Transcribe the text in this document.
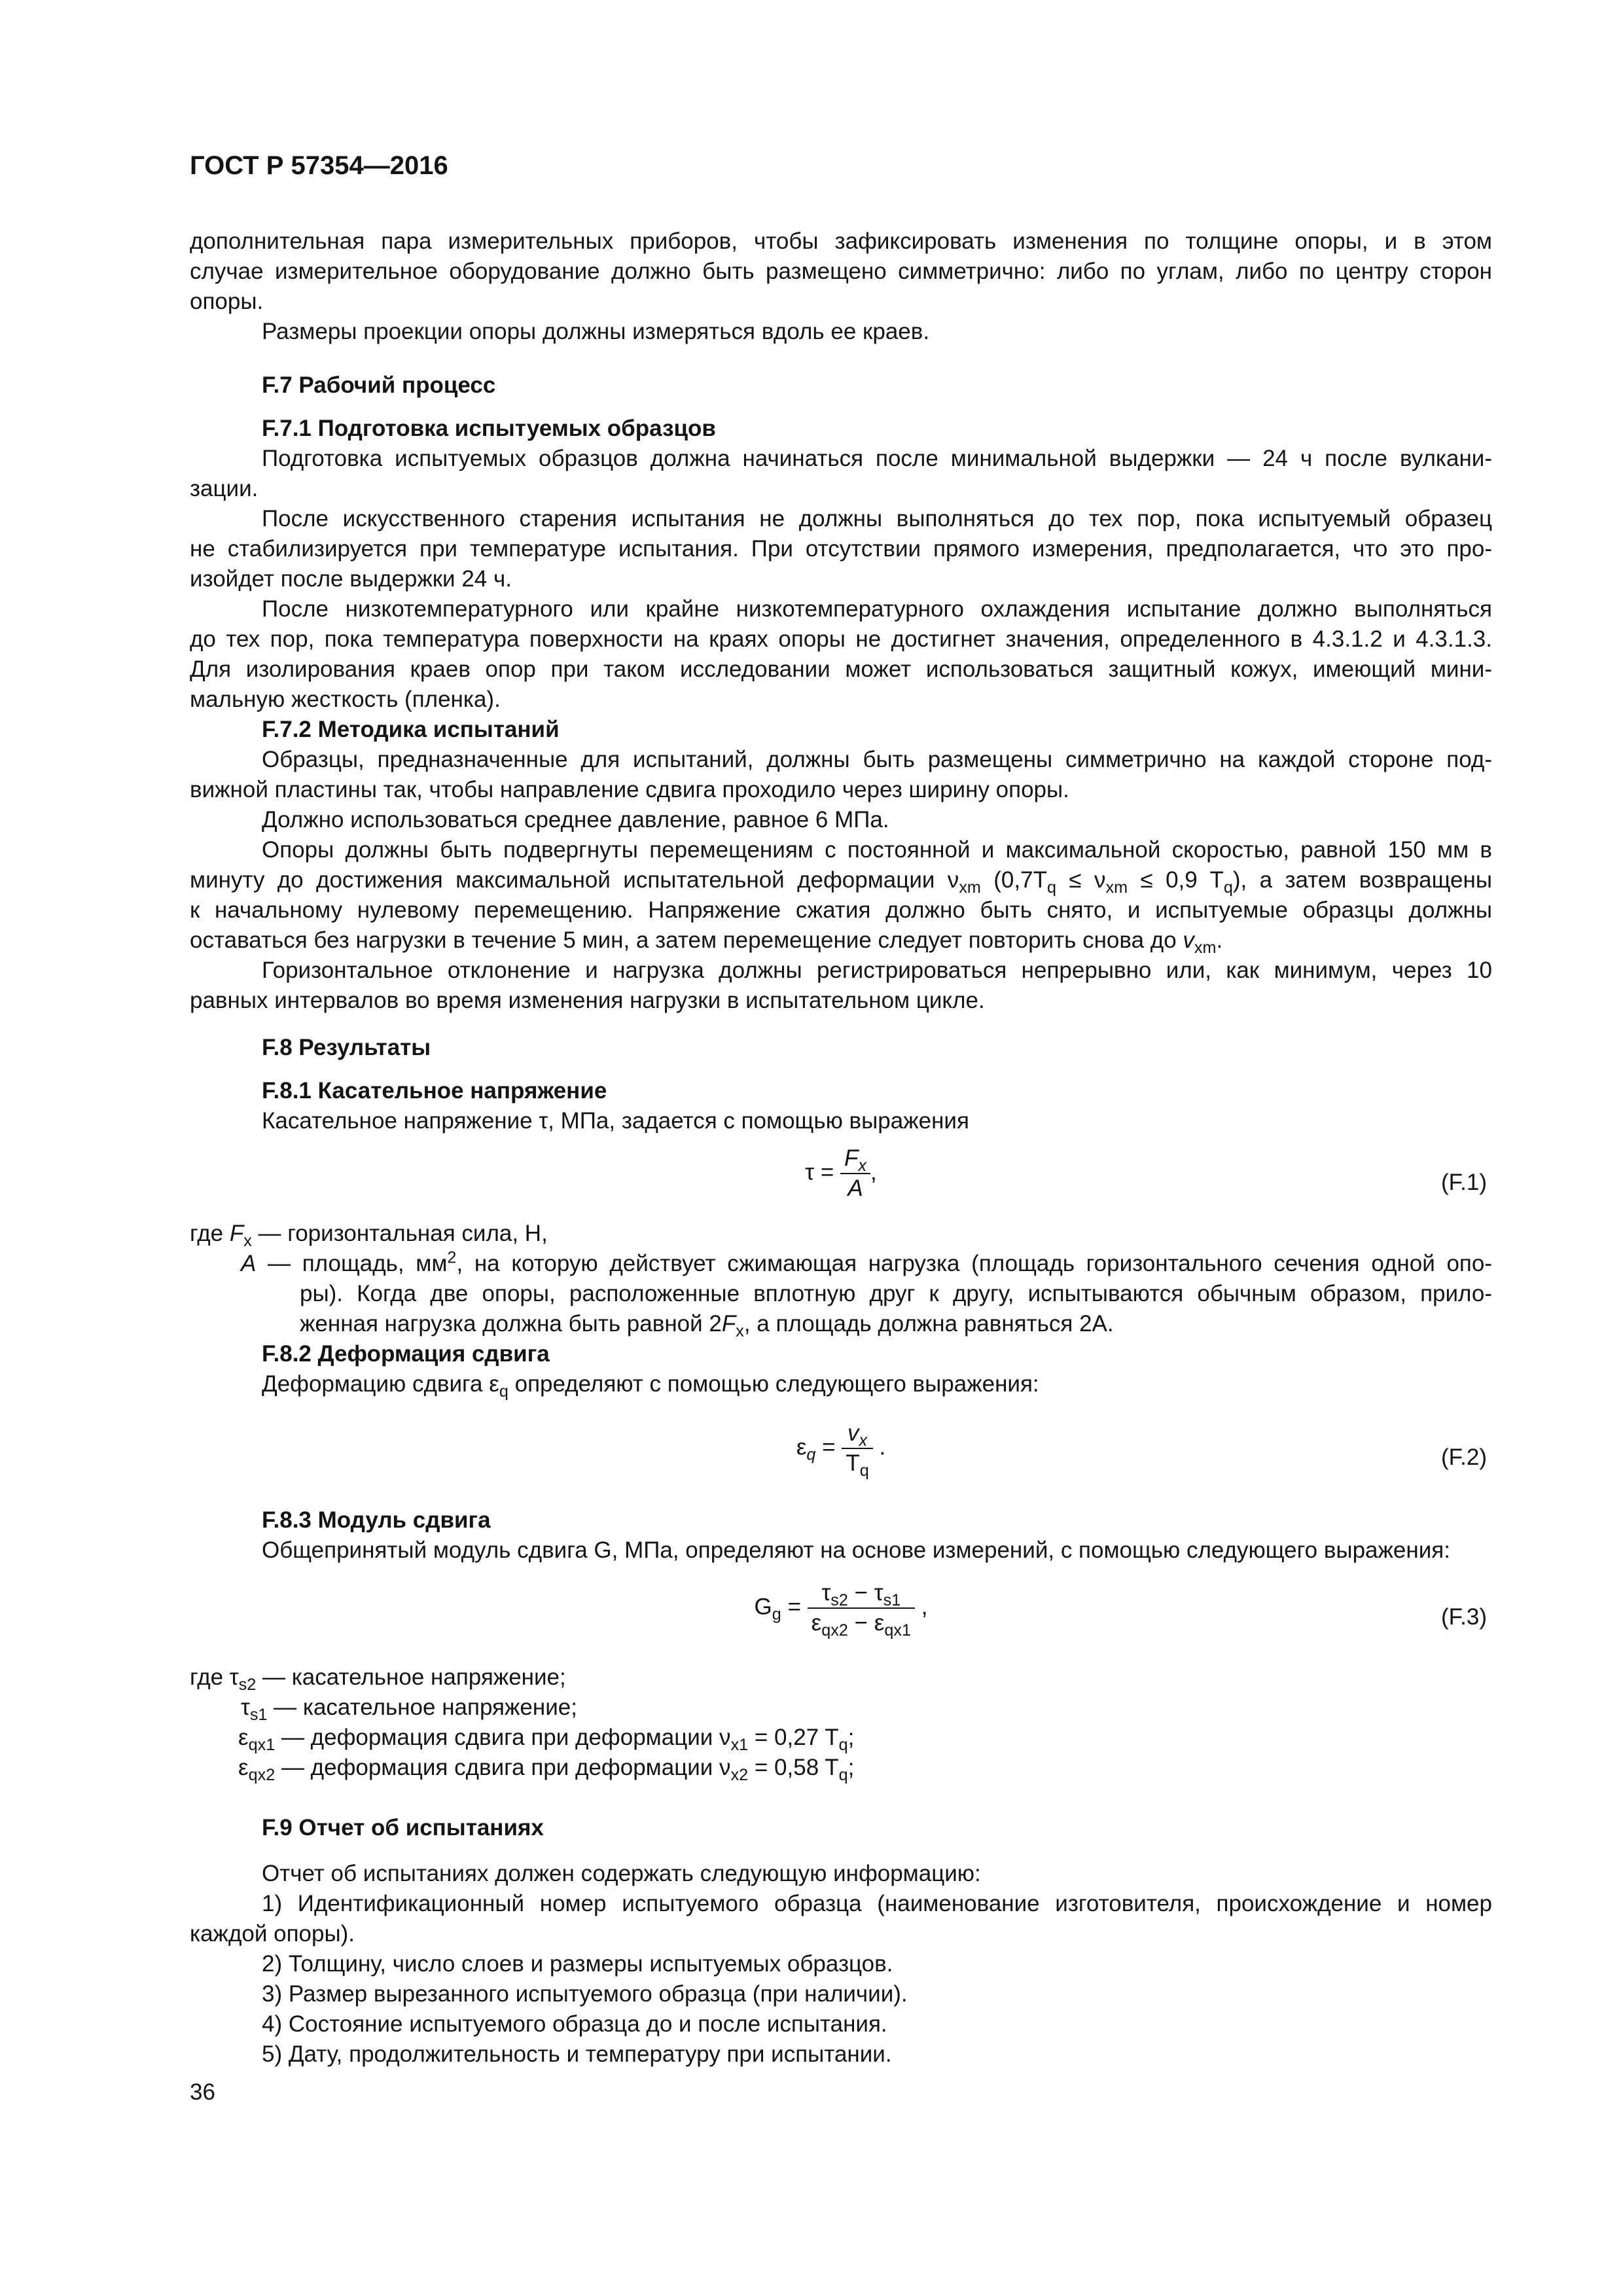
ГОСТ Р 57354—2016
дополнительная пара измерительных приборов, чтобы зафиксировать изменения по толщине опоры, и в этом
случае измерительное оборудование должно быть размещено симметрично: либо по углам, либо по центру сторон
опоры.
Размеры проекции опоры должны измеряться вдоль ее краев.
F.7 Рабочий процесс
F.7.1 Подготовка испытуемых образцов
Подготовка испытуемых образцов должна начинаться после минимальной выдержки — 24 ч после вулкани-
зации.
После искусственного старения испытания не должны выполняться до тех пор, пока испытуемый образец
не стабилизируется при температуре испытания. При отсутствии прямого измерения, предполагается, что это про-
изойдет после выдержки 24 ч.
После низкотемпературного или крайне низкотемпературного охлаждения испытание должно выполняться
до тех пор, пока температура поверхности на краях опоры не достигнет значения, определенного в 4.3.1.2 и 4.3.1.3.
Для изолирования краев опор при таком исследовании может использоваться защитный кожух, имеющий мини-
мальную жесткость (пленка).
F.7.2 Методика испытаний
Образцы, предназначенные для испытаний, должны быть размещены симметрично на каждой стороне под-
вижной пластины так, чтобы направление сдвига проходило через ширину опоры.
Должно использоваться среднее давление, равное 6 МПа.
Опоры должны быть подвергнуты перемещениям с постоянной и максимальной скоростью, равной 150 мм в
минуту до достижения максимальной испытательной деформации $\nu_{xm}$ ($0,7T_q \le \nu_{xm} \le 0,9$ $T_q$), а затем возвращены
к начальному нулевому перемещению. Напряжение сжатия должно быть снято, и испытуемые образцы должны
оставаться без нагрузки в течение 5 мин, а затем перемещение следует повторить снова до $v_{xm}$.
Горизонтальное отклонение и нагрузка должны регистрироваться непрерывно или, как минимум, через 10
равных интервалов во время изменения нагрузки в испытательном цикле.
F.8 Результаты
F.8.1 Касательное напряжение
Касательное напряжение τ, МПа, задается с помощью выражения
$\tau = \frac{F_x}{A}$ ,	(F.1)
где $F_x$ — горизонтальная сила, Н,
A — площадь, $мм^2$, на которую действует сжимающая нагрузка (площадь горизонтального сечения одной опо-
ры). Когда две опоры, расположенные вплотную друг к другу, испытываются обычным образом, прило-
женная нагрузка должна быть равной $2F_x$, а площадь должна равняться 2A.
F.8.2 Деформация сдвига
Деформацию сдвига $\varepsilon_q$ определяют с помощью следующего выражения:
$\varepsilon_q = \frac{v_x}{T_q}$ .	(F.2)
F.8.3 Модуль сдвига
Общепринятый модуль сдвига G, МПа, определяют на основе измерений, с помощью следующего выражения:
$G_g = \frac{\tau_{s2} - \tau_{s1}}{\varepsilon_{qx2} - \varepsilon_{qx1}}$ ,	(F.3)
где $\tau_{s2}$ — касательное напряжение;
$\tau_{s1}$ — касательное напряжение;
$\varepsilon_{qx1}$ — деформация сдвига при деформации $\nu_{x1} = 0,27$ $T_q$;
$\varepsilon_{qx2}$ — деформация сдвига при деформации $\nu_{x2} = 0,58$ $T_q$;
F.9 Отчет об испытаниях
Отчет об испытаниях должен содержать следующую информацию:
1) Идентификационный номер испытуемого образца (наименование изготовителя, происхождение и номер
каждой опоры).
2) Толщину, число слоев и размеры испытуемых образцов.
3) Размер вырезанного испытуемого образца (при наличии).
4) Состояние испытуемого образца до и после испытания.
5) Дату, продолжительность и температуру при испытании.
36
